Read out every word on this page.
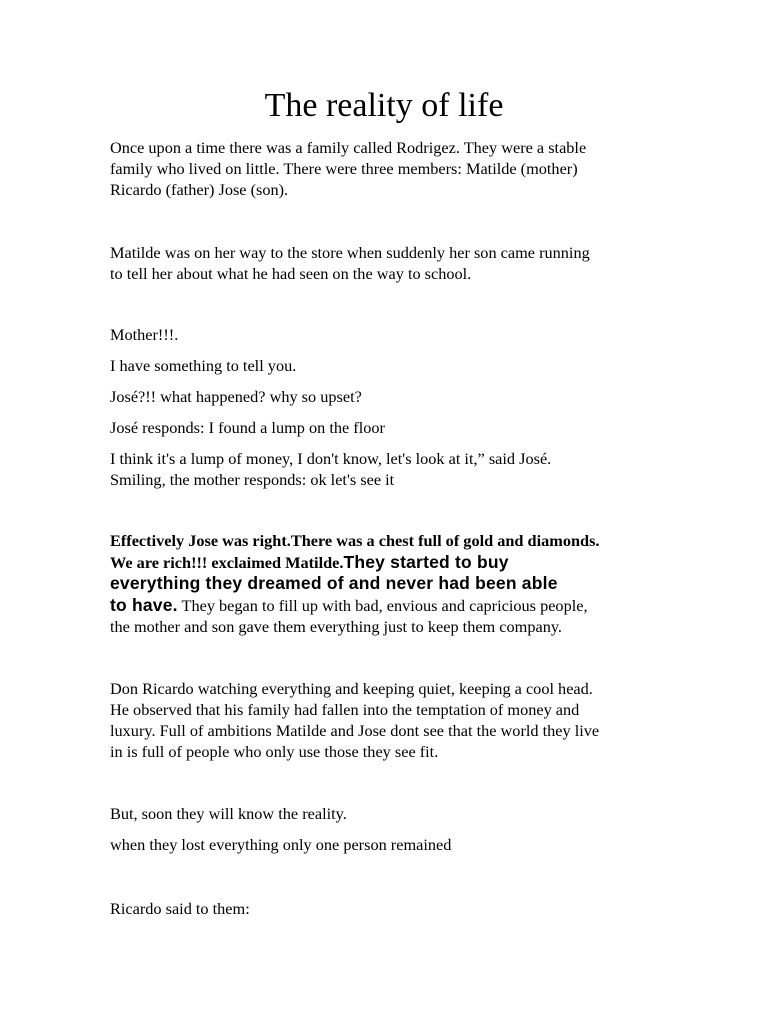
The reality of life

Once upon a time there was a family called Rodrigez. They were a stable
family who lived on little. There were three members: Matilde (mother)
Ricardo (father) Jose (son).

Matilde was on her way to the store when suddenly her son came running
to tell her about what he had seen on the way to school.

Mother!!!.

I have something to tell you.

José?!! what happened? why so upset?

José responds: I found a lump on the floor

I think it's a lump of money, I don't know, let's look at it,” said José.
Smiling, the mother responds: ok let's see it

Effectively Jose was right.There was a chest full of gold and diamonds.
We are rich!!! exclaimed Matilde.They started to buy
everything they dreamed of and never had been able
to have. They began to fill up with bad, envious and capricious people,
the mother and son gave them everything just to keep them company.

Don Ricardo watching everything and keeping quiet, keeping a cool head.
He observed that his family had fallen into the temptation of money and
luxury. Full of ambitions Matilde and Jose dont see that the world they live
in is full of people who only use those they see fit.

But, soon they will know the reality.

when they lost everything only one person remained

Ricardo said to them:
